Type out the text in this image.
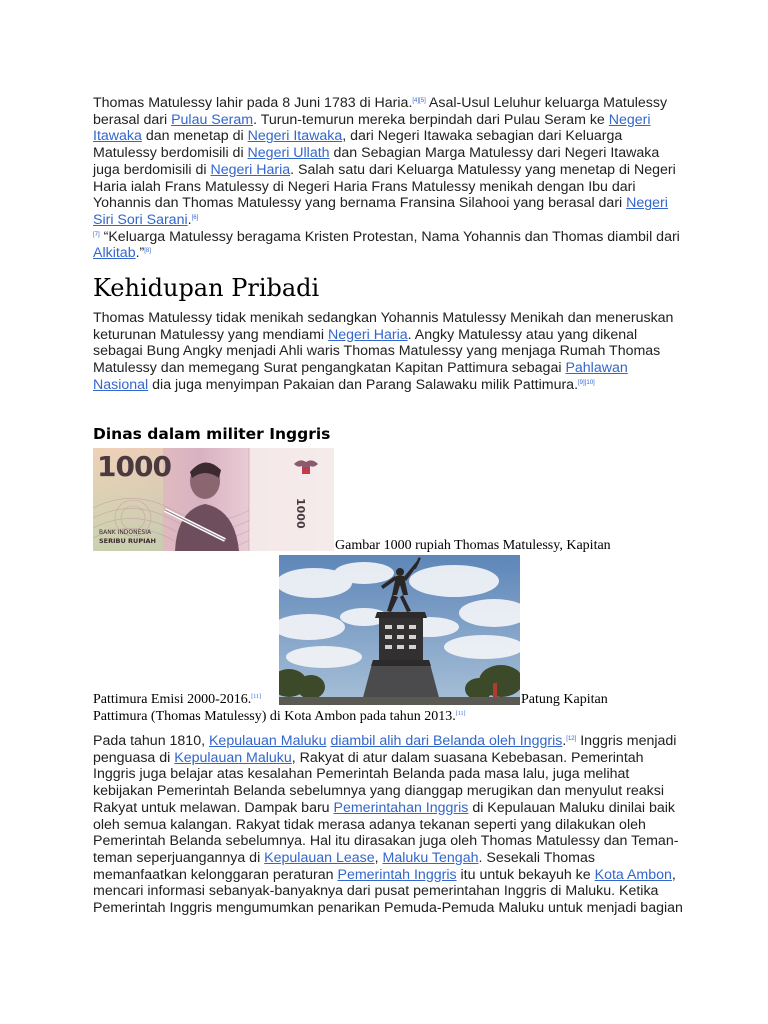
Thomas Matulessy lahir pada 8 Juni 1783 di Haria.[4][5] Asal-Usul Leluhur keluarga Matulessy berasal dari Pulau Seram. Turun-temurun mereka berpindah dari Pulau Seram ke Negeri Itawaka dan menetap di Negeri Itawaka, dari Negeri Itawaka sebagian dari Keluarga Matulessy berdomisili di Negeri Ullath dan Sebagian Marga Matulessy dari Negeri Itawaka juga berdomisili di Negeri Haria. Salah satu dari Keluarga Matulessy yang menetap di Negeri Haria ialah Frans Matulessy di Negeri Haria Frans Matulessy menikah dengan Ibu dari Yohannis dan Thomas Matulessy yang bernama Fransina Silahooi yang berasal dari Negeri Siri Sori Sarani.[6]
[7] “Keluarga Matulessy beragama Kristen Protestan, Nama Yohannis dan Thomas diambil dari Alkitab.”[8]

Kehidupan Pribadi

Thomas Matulessy tidak menikah sedangkan Yohannis Matulessy Menikah dan meneruskan keturunan Matulessy yang mendiami Negeri Haria. Angky Matulessy atau yang dikenal sebagai Bung Angky menjadi Ahli waris Thomas Matulessy yang menjaga Rumah Thomas Matulessy dan memegang Surat pengangkatan Kapitan Pattimura sebagai Pahlawan Nasional dia juga menyimpan Pakaian dan Parang Salawaku milik Pattimura.[9][10]

Dinas dalam militer Inggris
1000
1000
BANK INDONESIA
SERIBU RUPIAH	Gambar 1000 rupiah Thomas Matulessy, Kapitan

Pattimura Emisi 2000-2016.[11]	Patung Kapitan

Pattimura (Thomas Matulessy) di Kota Ambon pada tahun 2013.[11]

Pada tahun 1810, Kepulauan Maluku diambil alih dari Belanda oleh Inggris.[12] Inggris menjadi penguasa di Kepulauan Maluku, Rakyat di atur dalam suasana Kebebasan. Pemerintah Inggris juga belajar atas kesalahan Pemerintah Belanda pada masa lalu, juga melihat kebijakan Pemerintah Belanda sebelumnya yang dianggap merugikan dan menyulut reaksi Rakyat untuk melawan. Dampak baru Pemerintahan Inggris di Kepulauan Maluku dinilai baik oleh semua kalangan. Rakyat tidak merasa adanya tekanan seperti yang dilakukan oleh Pemerintah Belanda sebelumnya. Hal itu dirasakan juga oleh Thomas Matulessy dan Teman-teman seperjuangannya di Kepulauan Lease, Maluku Tengah. Sesekali Thomas memanfaatkan kelonggaran peraturan Pemerintah Inggris itu untuk bekayuh ke Kota Ambon, mencari informasi sebanyak-banyaknya dari pusat pemerintahan Inggris di Maluku. Ketika Pemerintah Inggris mengumumkan penarikan Pemuda-Pemuda Maluku untuk menjadi bagian
